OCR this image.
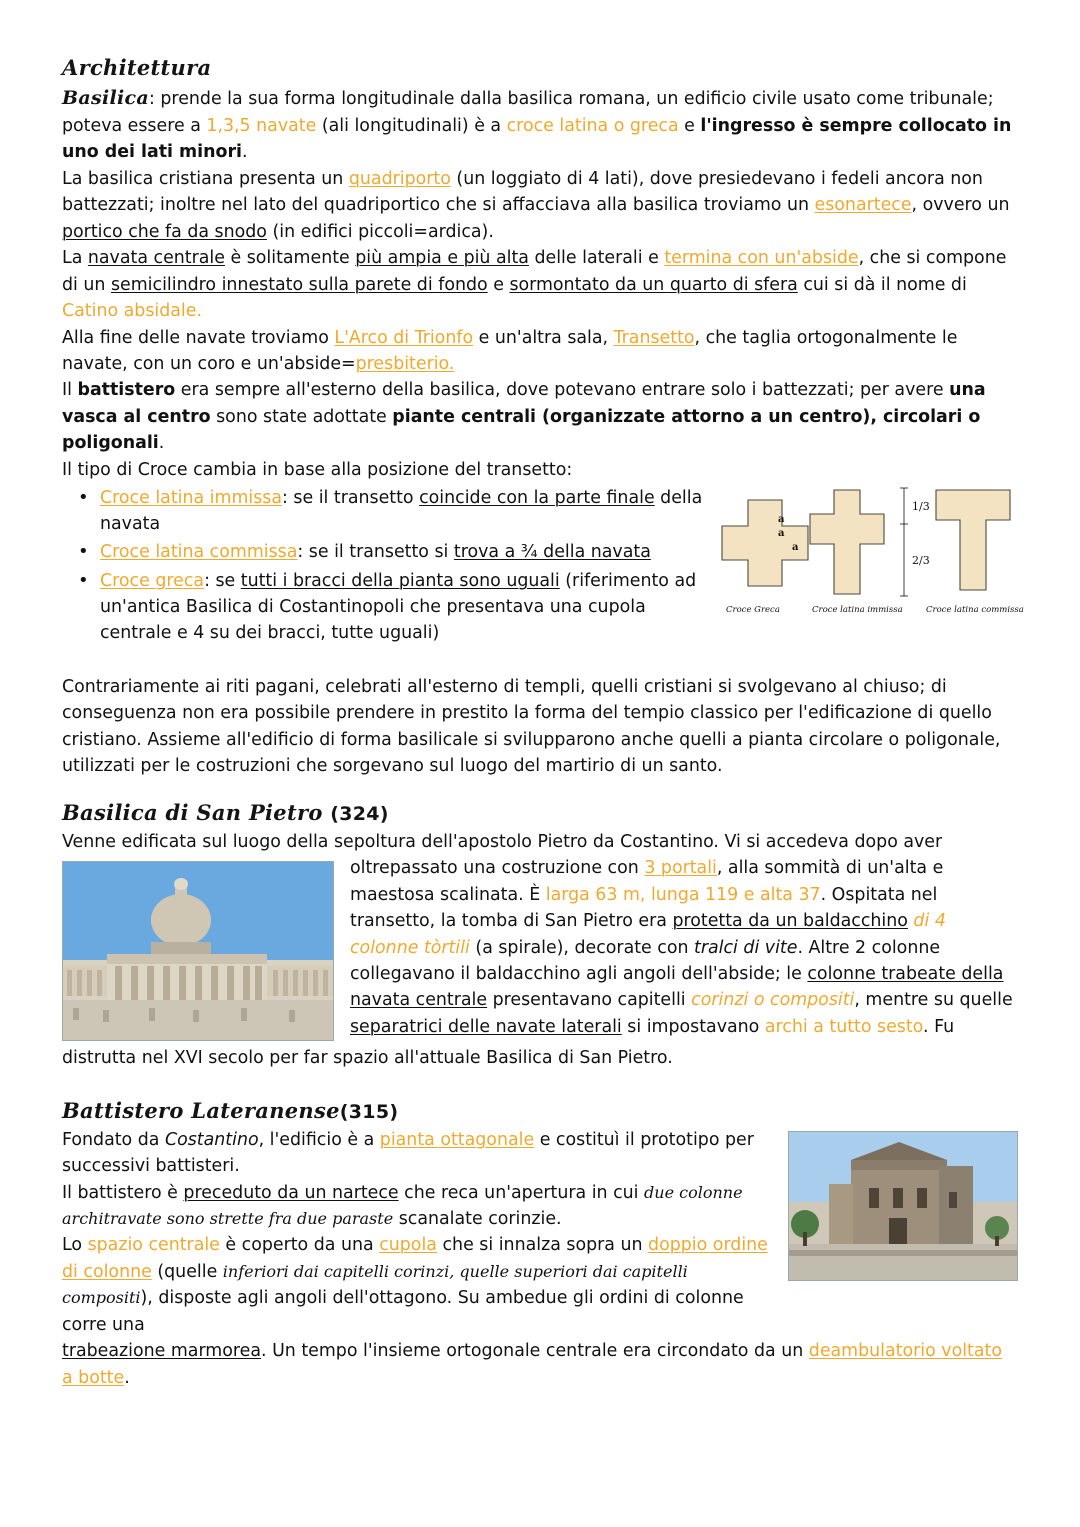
Architettura

Basilica: prende la sua forma longitudinale dalla basilica romana, un edificio civile usato come tribunale; poteva essere a 1,3,5 navate (ali longitudinali) è a croce latina o greca e l'ingresso è sempre collocato in uno dei lati minori.

La basilica cristiana presenta un quadriporto (un loggiato di 4 lati), dove presiedevano i fedeli ancora non battezzati; inoltre nel lato del quadriportico che si affacciava alla basilica troviamo un esonartece, ovvero un portico che fa da snodo (in edifici piccoli=ardica).

La navata centrale è solitamente più ampia e più alta delle laterali e termina con un'abside, che si compone di un semicilindro innestato sulla parete di fondo e sormontato da un quarto di sfera cui si dà il nome di Catino absidale.

Alla fine delle navate troviamo L'Arco di Trionfo e un'altra sala, Transetto, che taglia ortogonalmente le navate, con un coro e un'abside=presbiterio.

Il battistero era sempre all'esterno della basilica, dove potevano entrare solo i battezzati; per avere una vasca al centro sono state adottate piante centrali (organizzate attorno a un centro), circolari o poligonali.

Il tipo di Croce cambia in base alla posizione del transetto:

a
a
a
1/3
2/3
Croce Greca	Croce latina immissa	Croce latina commissa
• Croce latina immissa: se il transetto coincide con la parte finale della navata
• Croce latina commissa: se il transetto si trova a ¾ della navata
• Croce greca: se tutti i bracci della pianta sono uguali (riferimento ad un'antica Basilica di Costantinopoli che presentava una cupola centrale e 4 su dei bracci, tutte uguali)

Contrariamente ai riti pagani, celebrati all'esterno di templi, quelli cristiani si svolgevano al chiuso; di conseguenza non era possibile prendere in prestito la forma del tempio classico per l'edificazione di quello cristiano. Assieme all'edificio di forma basilicale si svilupparono anche quelli a pianta circolare o poligonale, utilizzati per le costruzioni che sorgevano sul luogo del martirio di un santo.

Basilica di San Pietro (324)

Venne edificata sul luogo della sepoltura dell'apostolo Pietro da Costantino. Vi si accedeva dopo aver

oltrepassato una costruzione con 3 portali, alla sommità di un'alta e maestosa scalinata. È larga 63 m, lunga 119 e alta 37. Ospitata nel transetto, la tomba di San Pietro era protetta da un baldacchino di 4 colonne tòrtili (a spirale), decorate con tralci di vite. Altre 2 colonne collegavano il baldacchino agli angoli dell'abside; le colonne trabeate della navata centrale presentavano capitelli corinzi o compositi, mentre su quelle separatrici delle navate laterali si impostavano archi a tutto sesto. Fu

distrutta nel XVI secolo per far spazio all'attuale Basilica di San Pietro.

Battistero Lateranense(315)

Fondato da Costantino, l'edificio è a pianta ottagonale e costituì il prototipo per successivi battisteri.

Il battistero è preceduto da un nartece che reca un'apertura in cui due colonne architravate sono strette fra due paraste scanalate corinzie.

Lo spazio centrale è coperto da una cupola che si innalza sopra un doppio ordine di colonne (quelle inferiori dai capitelli corinzi, quelle superiori dai capitelli compositi), disposte agli angoli dell'ottagono. Su ambedue gli ordini di colonne corre una

trabeazione marmorea. Un tempo l'insieme ortogonale centrale era circondato da un deambulatorio voltato a botte.
